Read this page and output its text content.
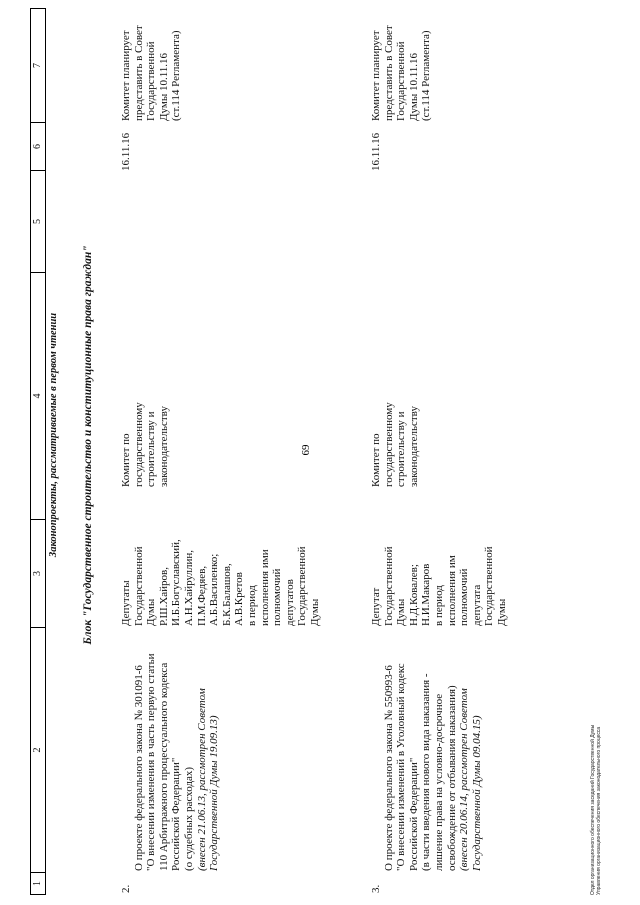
69
1
2
3
4
5
6
7
Законопроекты, рассматриваемые в первом чтении Блок "Государственное строительство и конституционные права граждан"
2.

О проекте федерального закона № 301091-6
"О внесении изменения в часть первую статьи
110 Арбитражного процессуального кодекса
Российской Федерации"
(о судебных расходах)

(внесен 21.06.13, рассмотрен Советом
Государственной Думы 19.09.13)

Депутаты
Государственной
Думы
Р.Ш.Хайров,
И.Б.Богуславский,
А.Н.Хайруллин,
П.М.Федяев,
А.Б.Василенко;
Б.К.Балашов,
А.В.Кретов
в период
исполнения ими
полномочий
депутатов
Государственной
Думы
Комитет по
государственному
строительству и
законодательству
16.11.16
Комитет планирует
представить в Совет
Государственной
Думы 10.11.16
(ст.114 Регламента)
3.

О проекте федерального закона № 550993-6
"О внесении изменений в Уголовный кодекс
Российской Федерации"
(в части введения нового вида наказания -
лишение права на условно-досрочное
освобождение от отбывания наказания)

(внесен 20.06.14, рассмотрен Советом
Государственной Думы 09.04.15)

Депутат
Государственной
Думы
Н.Д.Ковалев;
Н.И.Макаров
в период
исполнения им
полномочий
депутата
Государственной
Думы
Комитет по
государственному
строительству и
законодательству
16.11.16
Комитет планирует
представить в Совет
Государственной
Думы 10.11.16
(ст.114 Регламента)
Отдел организационного обеспечения заседаний Государственной Думы Управления организационного обеспечения законодательного процесса
